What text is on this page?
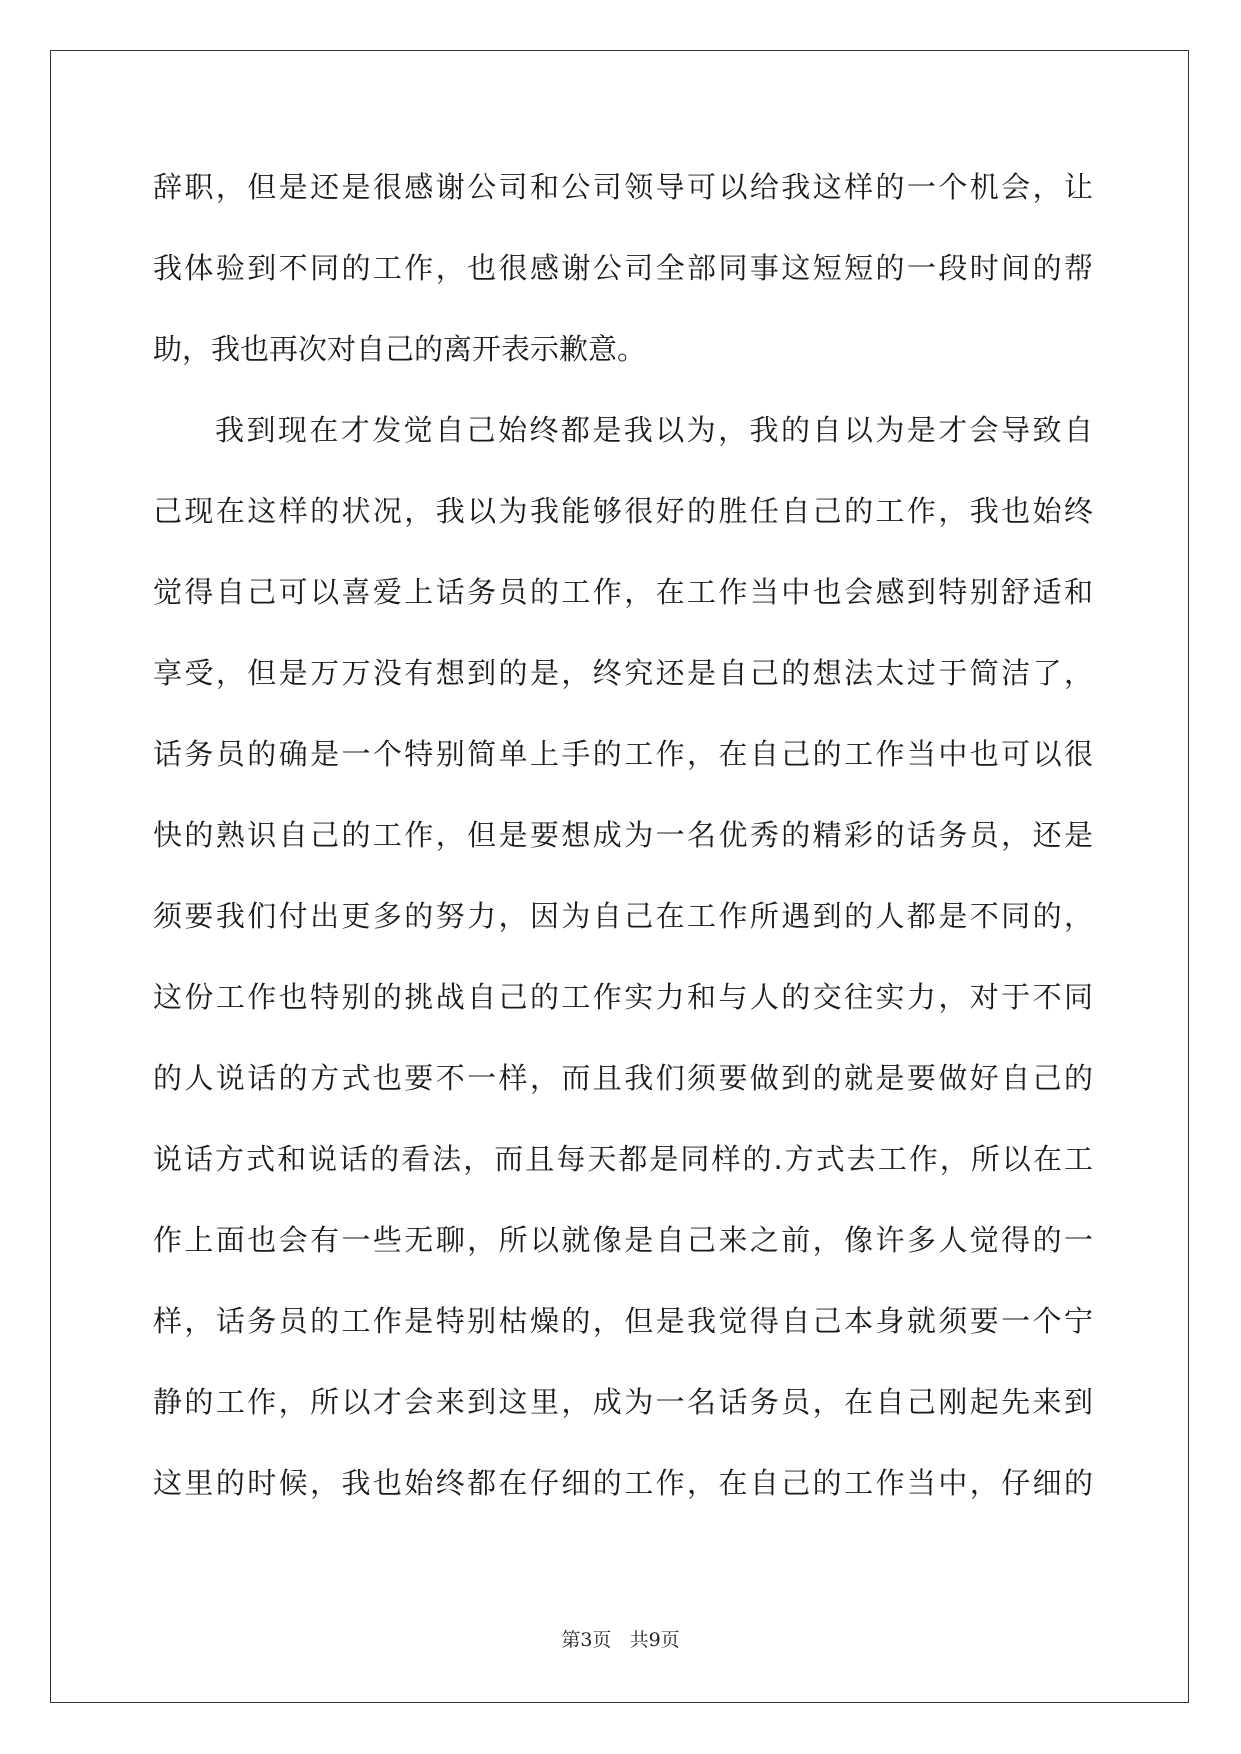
辞职，但是还是很感谢公司和公司领导可以给我这样的一个机会，让
我体验到不同的工作，也很感谢公司全部同事这短短的一段时间的帮
助，我也再次对自己的离开表示歉意。
我到现在才发觉自己始终都是我以为，我的自以为是才会导致自
己现在这样的状况，我以为我能够很好的胜任自己的工作，我也始终
觉得自己可以喜爱上话务员的工作，在工作当中也会感到特别舒适和
享受，但是万万没有想到的是，终究还是自己的想法太过于简洁了，
话务员的确是一个特别简单上手的工作，在自己的工作当中也可以很
快的熟识自己的工作，但是要想成为一名优秀的精彩的话务员，还是
须要我们付出更多的努力，因为自己在工作所遇到的人都是不同的，
这份工作也特别的挑战自己的工作实力和与人的交往实力，对于不同
的人说话的方式也要不一样，而且我们须要做到的就是要做好自己的
说话方式和说话的看法，而且每天都是同样的.方式去工作，所以在工
作上面也会有一些无聊，所以就像是自己来之前，像许多人觉得的一
样，话务员的工作是特别枯燥的，但是我觉得自己本身就须要一个宁
静的工作，所以才会来到这里，成为一名话务员，在自己刚起先来到
这里的时候，我也始终都在仔细的工作，在自己的工作当中，仔细的
第3页 共9页
